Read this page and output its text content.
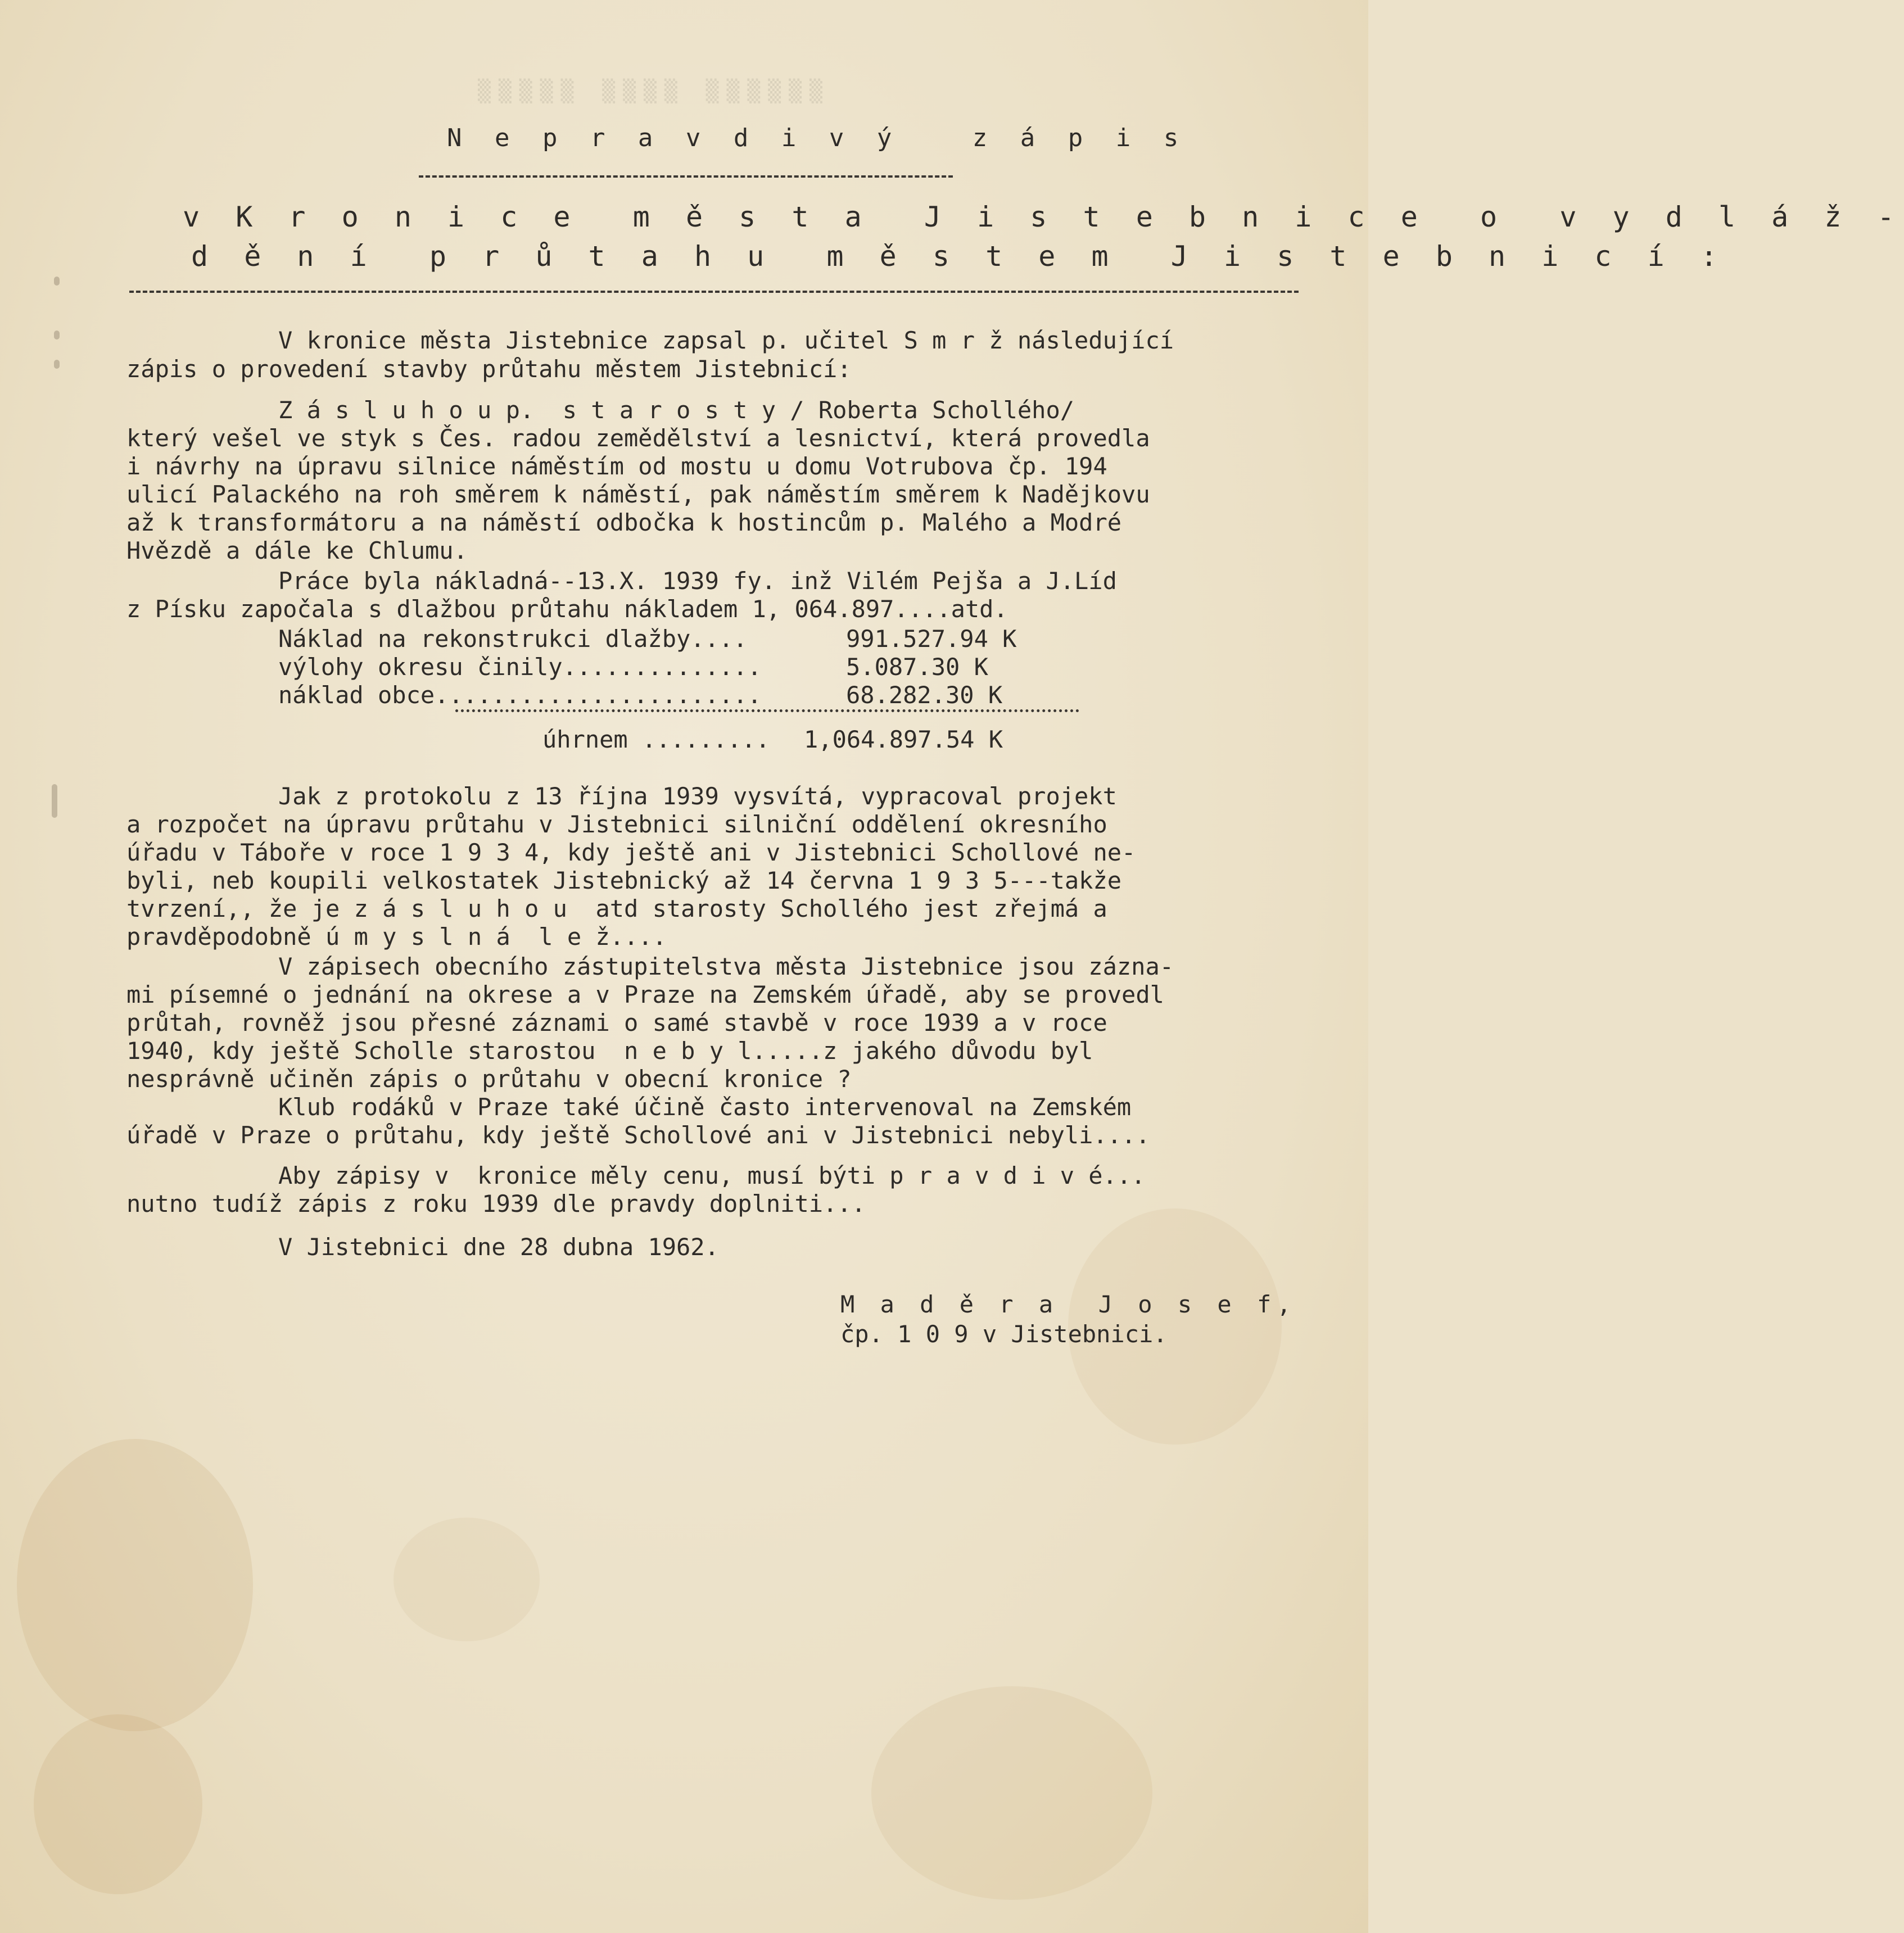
▒▒▒▒▒ ▒▒▒▒ ▒▒▒▒▒▒
N e p r a v d i v ý   z á p i s
v K r o n i c e  m ě s t a  J i s t e b n i c e  o  v y d l á ž -
d ě n í  p r ů t a h u  m ě s t e m  J i s t e b n i c í :
V kronice města Jistebnice zapsal p. učitel S m r ž následující
zápis o provedení stavby průtahu městem Jistebnicí:
Z á s l u h o u p.  s t a r o s t y / Roberta Schollého/
který vešel ve styk s Čes. radou zemědělství a lesnictví, která provedla
i návrhy na úpravu silnice náměstím od mostu u domu Votrubova čp. 194
ulicí Palackého na roh směrem k náměstí, pak náměstím směrem k Nadějkovu
až k transformátoru a na náměstí odbočka k hostincům p. Malého a Modré
Hvězdě a dále ke Chlumu.
Práce byla nákladná--13.X. 1939 fy. inž Vilém Pejša a J.Líd
z Písku započala s dlažbou průtahu nákladem 1, 064.897....atd.
Náklad na rekonstrukci dlažby....	991.527.94 K
výlohy okresu činily..............	5.087.30 K
náklad obce.......................	68.282.30 K
úhrnem ......... 1,064.897.54 K
Jak z protokolu z 13 října 1939 vysvítá, vypracoval projekt
a rozpočet na úpravu průtahu v Jistebnici silniční oddělení okresního
úřadu v Táboře v roce 1 9 3 4, kdy ještě ani v Jistebnici Schollové ne-
byli, neb koupili velkostatek Jistebnický až 14 června 1 9 3 5---takže
tvrzení,, že je z á s l u h o u  atd starosty Schollého jest zřejmá a
pravděpodobně ú m y s l n á  l e ž....
V zápisech obecního zástupitelstva města Jistebnice jsou zázna-
mi písemné o jednání na okrese a v Praze na Zemském úřadě, aby se provedl
průtah, rovněž jsou přesné záznami o samé stavbě v roce 1939 a v roce
1940, kdy ještě Scholle starostou  n e b y l.....z jakého důvodu byl
nesprávně učiněn zápis o průtahu v obecní kronice ?
Klub rodáků v Praze také účině často intervenoval na Zemském
úřadě v Praze o průtahu, kdy ještě Schollové ani v Jistebnici nebyli....
Aby zápisy v  kronice měly cenu, musí býti p r a v d i v é...
nutno tudíž zápis z roku 1939 dle pravdy doplniti...
V Jistebnici dne 28 dubna 1962.
M a d ě r a  J o s e f,
čp. 1 0 9 v Jistebnici.
